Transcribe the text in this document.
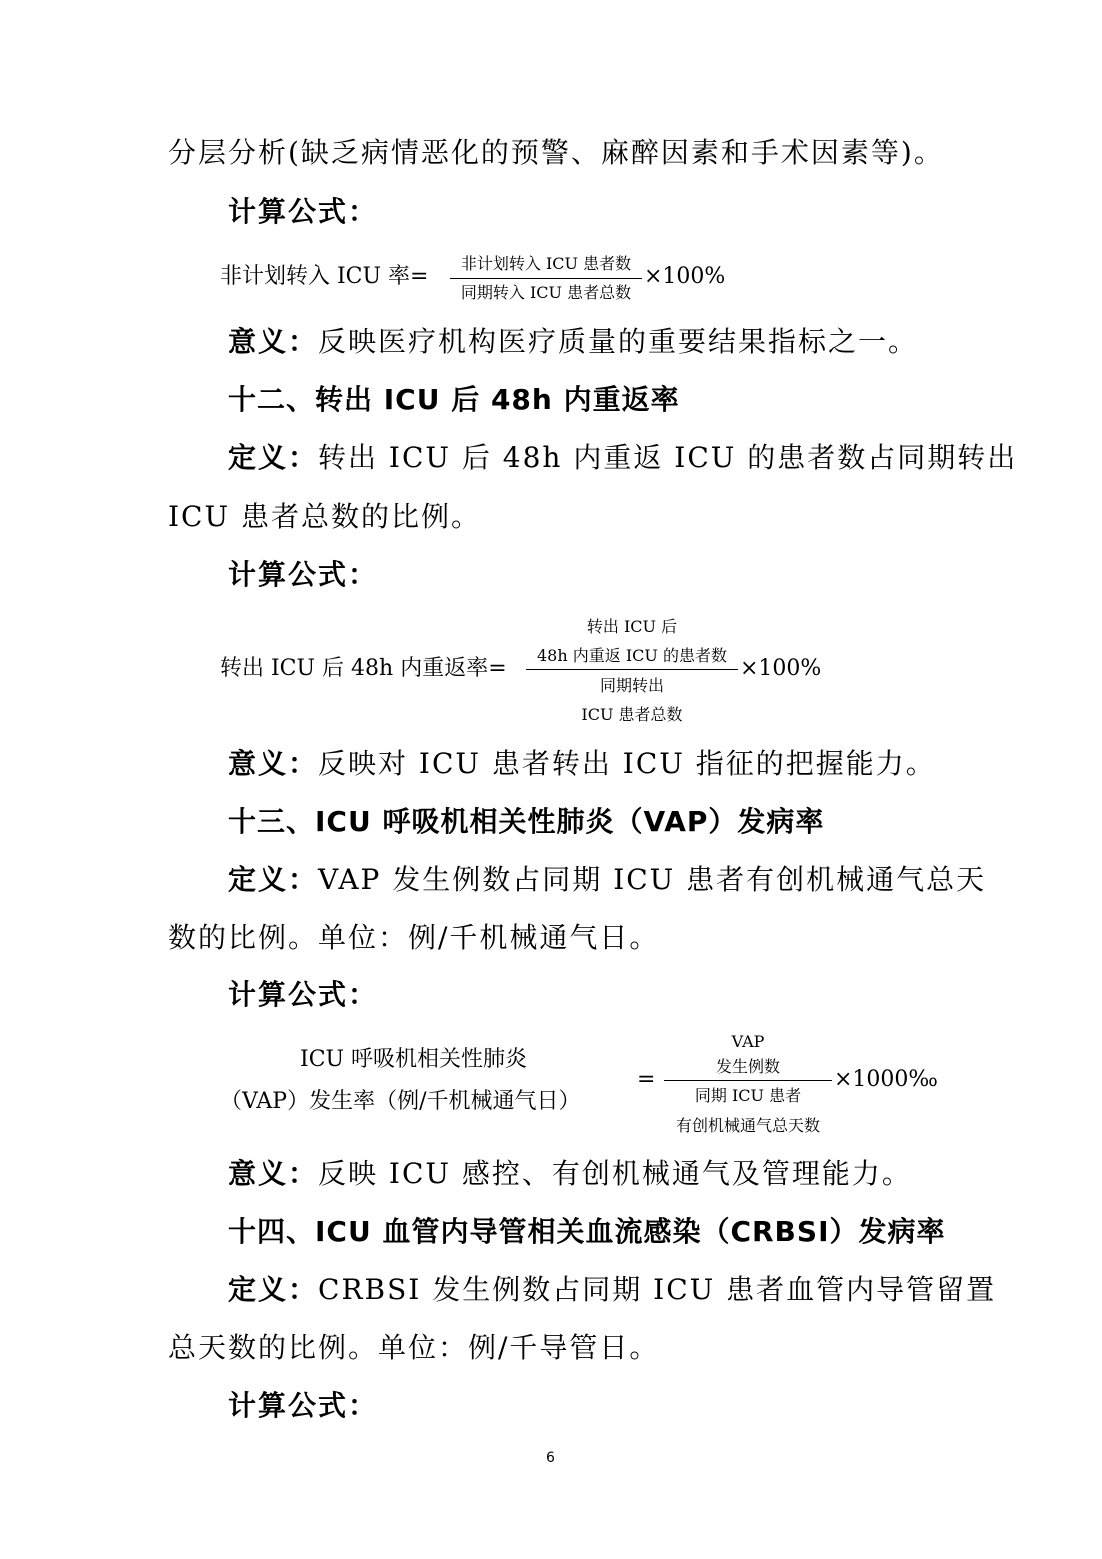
分层分析(缺乏病情恶化的预警、麻醉因素和手术因素等)。
计算公式：
非计划转入 ICU 率=
非计划转入 ICU 患者数
同期转入 ICU 患者总数
×100%
意义：反映医疗机构医疗质量的重要结果指标之一。
十二、转出 ICU 后 48h 内重返率
定义：转出 ICU 后 48h 内重返 ICU 的患者数占同期转出
ICU 患者总数的比例。
计算公式：
转出 ICU 后 48h 内重返率=
转出 ICU 后
48h 内重返 ICU 的患者数
同期转出
ICU 患者总数
×100%
意义：反映对 ICU 患者转出 ICU 指征的把握能力。
十三、ICU 呼吸机相关性肺炎（VAP）发病率
定义：VAP 发生例数占同期 ICU 患者有创机械通气总天
数的比例。单位：例/千机械通气日。
计算公式：
ICU 呼吸机相关性肺炎
（VAP）发生率（例/千机械通气日）
=
VAP
发生例数
同期 ICU 患者
有创机械通气总天数
×1000‰
意义：反映 ICU 感控、有创机械通气及管理能力。
十四、ICU 血管内导管相关血流感染（CRBSI）发病率
定义：CRBSI 发生例数占同期 ICU 患者血管内导管留置
总天数的比例。单位：例/千导管日。
计算公式：
6
